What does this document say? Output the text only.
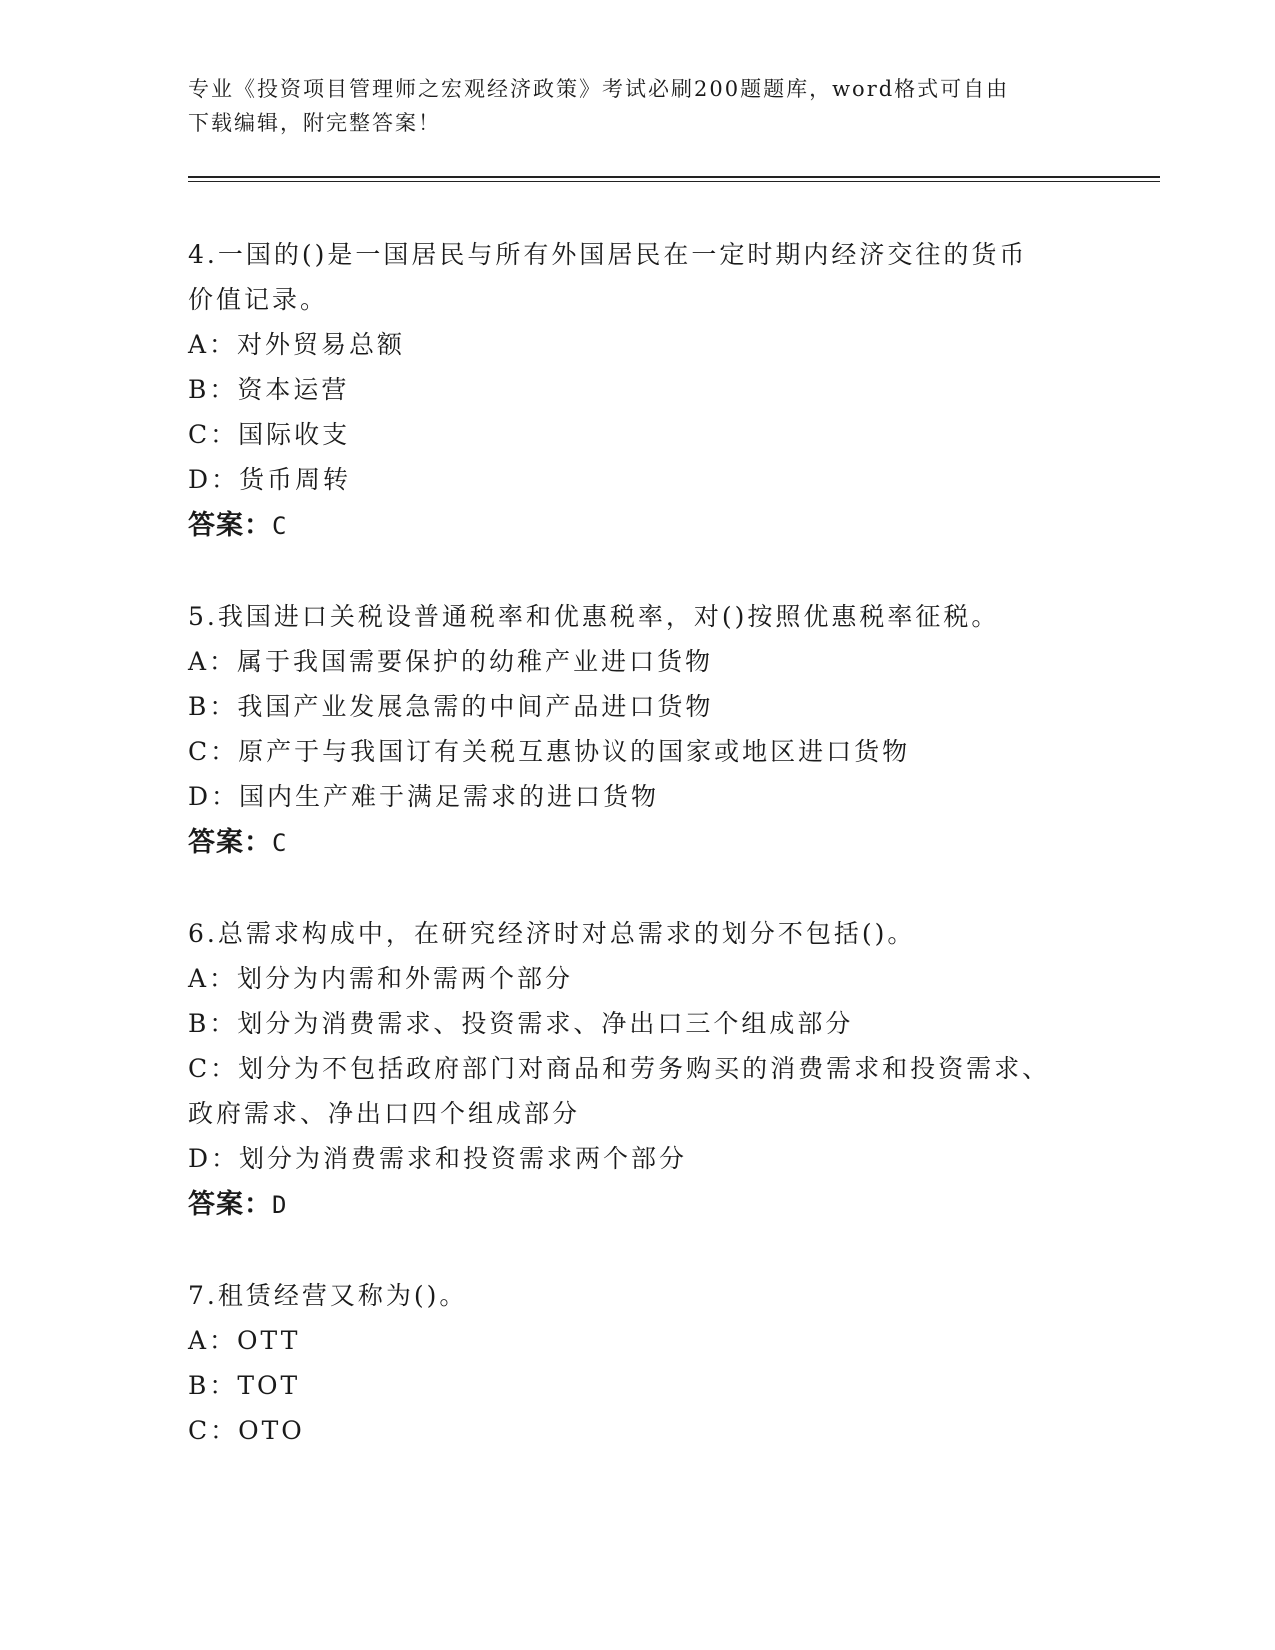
专业《投资项目管理师之宏观经济政策》考试必刷200题题库，word格式可自由
下载编辑，附完整答案！

4.一国的()是一国居民与所有外国居民在一定时期内经济交往的货币

价值记录。

A：对外贸易总额

B：资本运营

C：国际收支

D：货币周转

答案：C

5.我国进口关税设普通税率和优惠税率，对()按照优惠税率征税。

A：属于我国需要保护的幼稚产业进口货物

B：我国产业发展急需的中间产品进口货物

C：原产于与我国订有关税互惠协议的国家或地区进口货物

D：国内生产难于满足需求的进口货物

答案：C

6.总需求构成中，在研究经济时对总需求的划分不包括()。

A：划分为内需和外需两个部分

B：划分为消费需求、投资需求、净出口三个组成部分

C：划分为不包括政府部门对商品和劳务购买的消费需求和投资需求、

政府需求、净出口四个组成部分

D：划分为消费需求和投资需求两个部分

答案：D

7.租赁经营又称为()。

A：OTT

B：TOT

C：OTO
